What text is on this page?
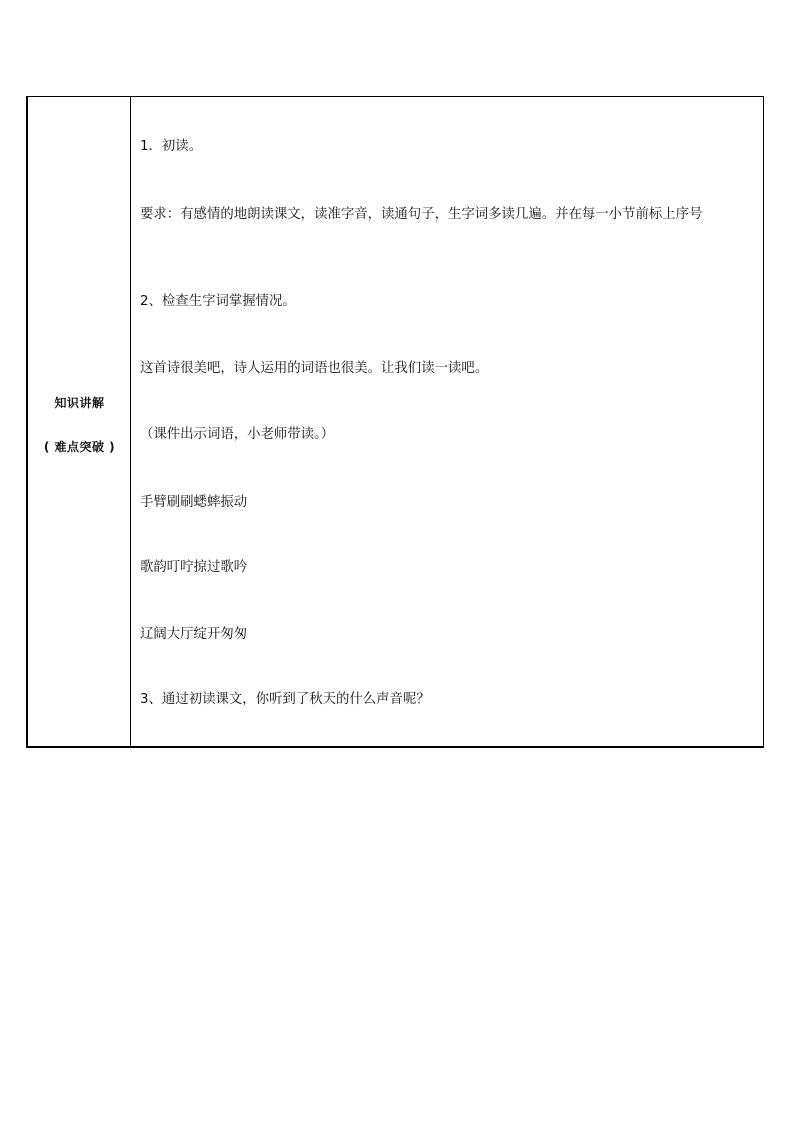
知识讲解
( 难点突破 )
1．初读。
要求：有感情的地朗读课文，读准字音，读通句子，生字词多读几遍。并在每一小节前标上序号
2、检查生字词掌握情况。
这首诗很美吧，诗人运用的词语也很美。让我们读一读吧。
（课件出示词语，小老师带读。）
手臂刷刷蟋蟀振动
歌韵叮咛掠过歌吟
辽阔大厅绽开匆匆
3、通过初读课文，你听到了秋天的什么声音呢？
